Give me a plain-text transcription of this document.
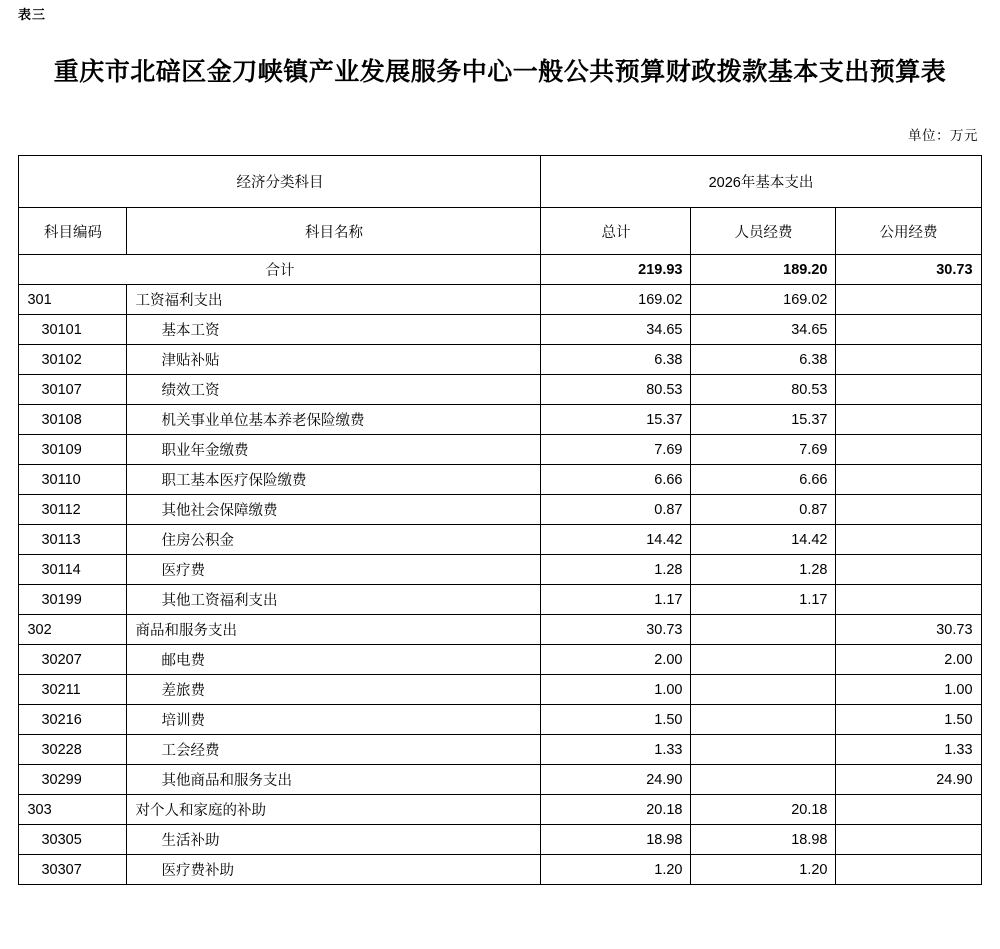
表三
重庆市北碚区金刀峡镇产业发展服务中心一般公共预算财政拨款基本支出预算表
单位：万元
经济分类科目		2026年基本支出		
科目编码	科目名称	总计	人员经费	公用经费
合计		219.93	189.20	30.73
301	工资福利支出	169.02	169.02	
30101	基本工资	34.65	34.65	
30102	津贴补贴	6.38	6.38	
30107	绩效工资	80.53	80.53	
30108	机关事业单位基本养老保险缴费	15.37	15.37	
30109	职业年金缴费	7.69	7.69	
30110	职工基本医疗保险缴费	6.66	6.66	
30112	其他社会保障缴费	0.87	0.87	
30113	住房公积金	14.42	14.42	
30114	医疗费	1.28	1.28	
30199	其他工资福利支出	1.17	1.17	
302	商品和服务支出	30.73		30.73
30207	邮电费	2.00		2.00
30211	差旅费	1.00		1.00
30216	培训费	1.50		1.50
30228	工会经费	1.33		1.33
30299	其他商品和服务支出	24.90		24.90
303	对个人和家庭的补助	20.18	20.18	
30305	生活补助	18.98	18.98	
30307	医疗费补助	1.20	1.20	
